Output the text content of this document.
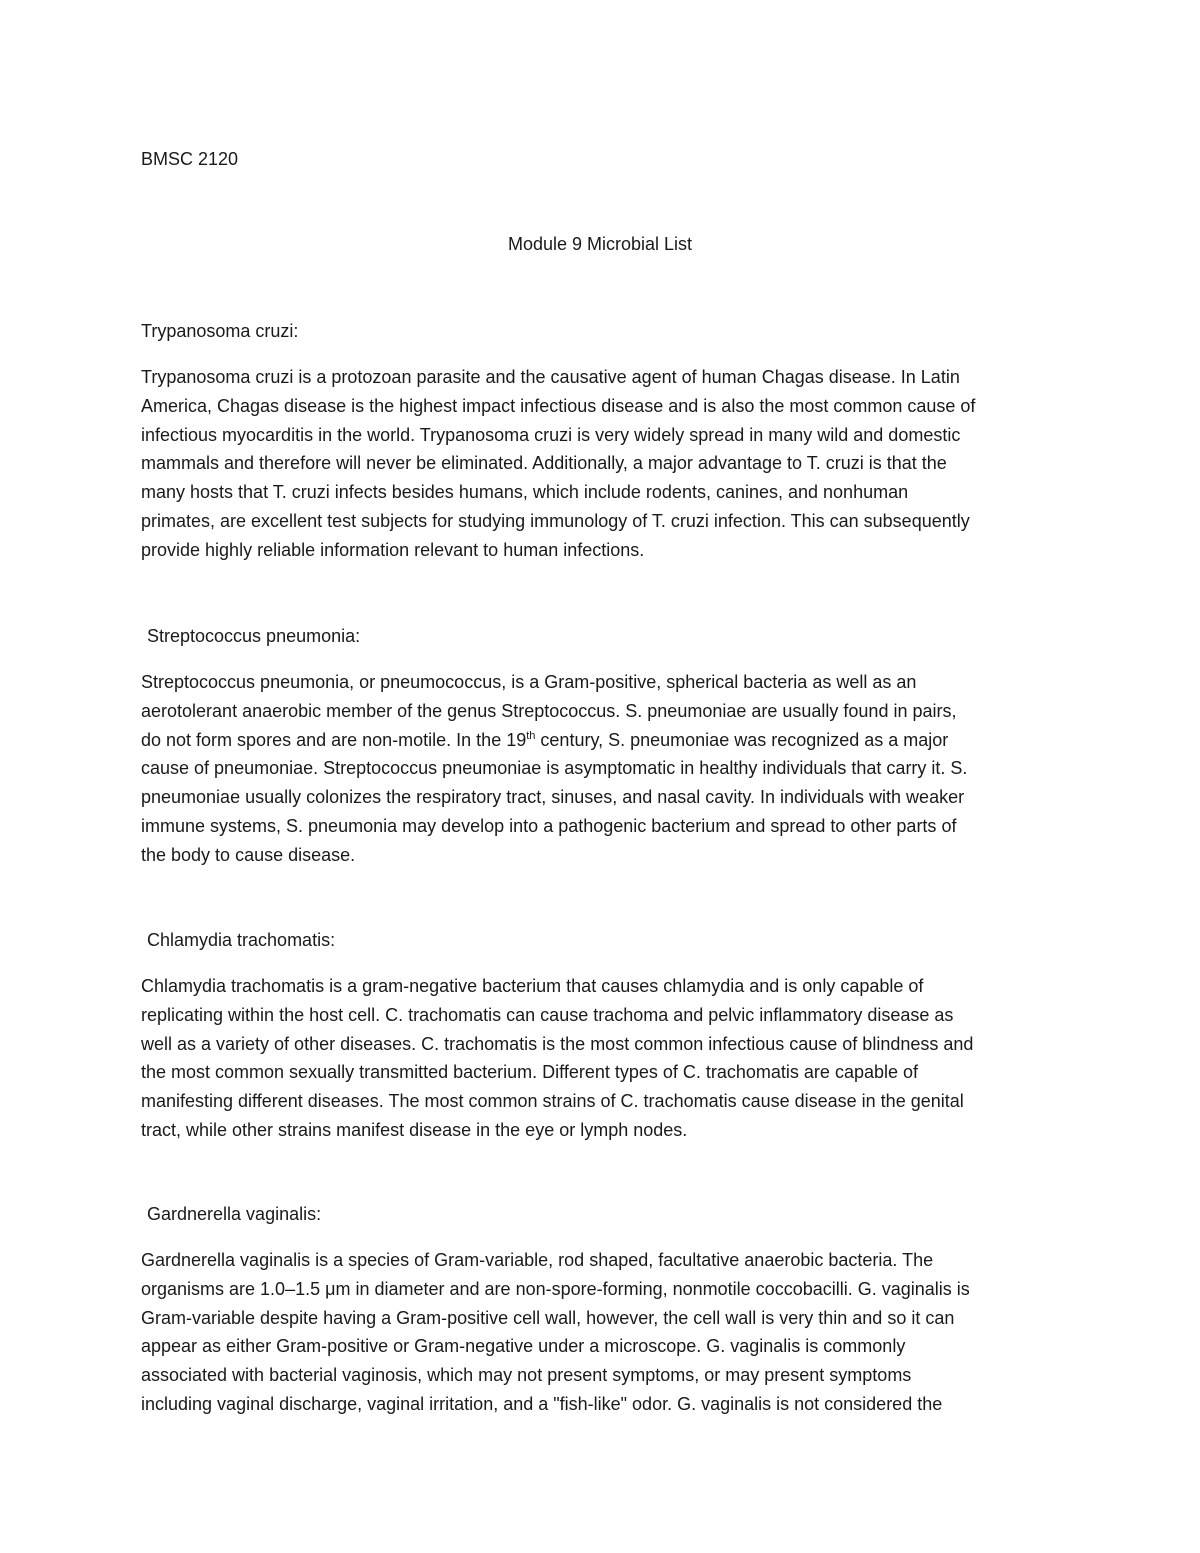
BMSC 2120
Module 9 Microbial List

Trypanosoma cruzi:

Trypanosoma cruzi is a protozoan parasite and the causative agent of human Chagas disease. In Latin
America, Chagas disease is the highest impact infectious disease and is also the most common cause of
infectious myocarditis in the world. Trypanosoma cruzi is very widely spread in many wild and domestic
mammals and therefore will never be eliminated. Additionally, a major advantage to T. cruzi is that the
many hosts that T. cruzi infects besides humans, which include rodents, canines, and nonhuman
primates, are excellent test subjects for studying immunology of T. cruzi infection. This can subsequently
provide highly reliable information relevant to human infections.

Streptococcus pneumonia:

Streptococcus pneumonia, or pneumococcus, is a Gram-positive, spherical bacteria as well as an
aerotolerant anaerobic member of the genus Streptococcus. S. pneumoniae are usually found in pairs,
do not form spores and are non-motile. In the 19th century, S. pneumoniae was recognized as a major
cause of pneumoniae. Streptococcus pneumoniae is asymptomatic in healthy individuals that carry it. S.
pneumoniae usually colonizes the respiratory tract, sinuses, and nasal cavity. In individuals with weaker
immune systems, S. pneumonia may develop into a pathogenic bacterium and spread to other parts of
the body to cause disease.

Chlamydia trachomatis:

Chlamydia trachomatis is a gram-negative bacterium that causes chlamydia and is only capable of
replicating within the host cell. C. trachomatis can cause trachoma and pelvic inflammatory disease as
well as a variety of other diseases. C. trachomatis is the most common infectious cause of blindness and
the most common sexually transmitted bacterium. Different types of C. trachomatis are capable of
manifesting different diseases. The most common strains of C. trachomatis cause disease in the genital
tract, while other strains manifest disease in the eye or lymph nodes.

Gardnerella vaginalis:

Gardnerella vaginalis is a species of Gram-variable, rod shaped, facultative anaerobic bacteria. The
organisms are 1.0–1.5 μm in diameter and are non-spore-forming, nonmotile coccobacilli. G. vaginalis is
Gram-variable despite having a Gram-positive cell wall, however, the cell wall is very thin and so it can
appear as either Gram-positive or Gram-negative under a microscope. G. vaginalis is commonly
associated with bacterial vaginosis, which may not present symptoms, or may present symptoms
including vaginal discharge, vaginal irritation, and a "fish-like" odor. G. vaginalis is not considered the
